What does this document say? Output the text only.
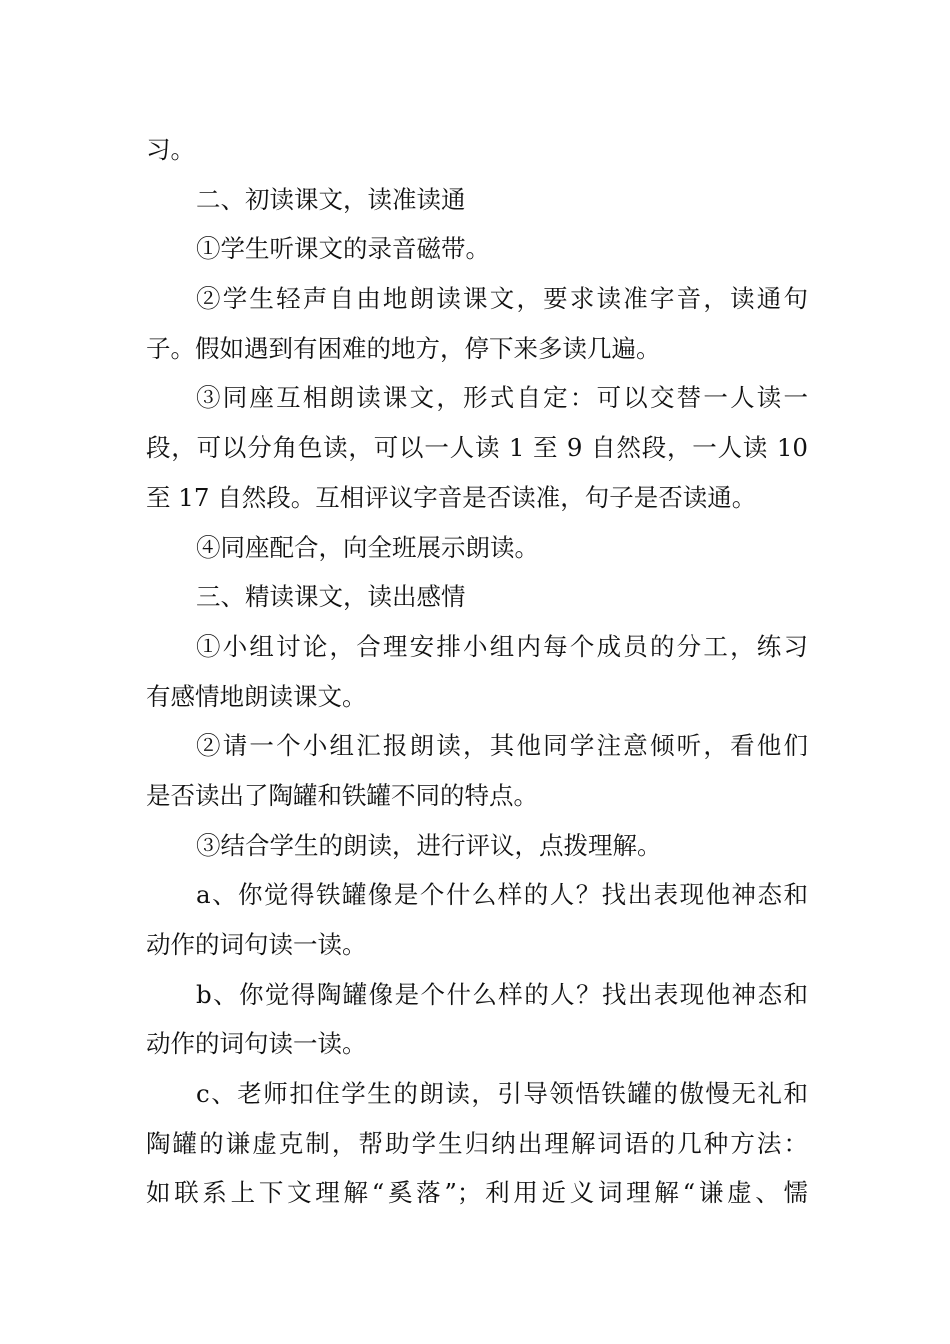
习。
二、初读课文，读准读通
①学生听课文的录音磁带。
②学生轻声自由地朗读课文，要求读准字音，读通句
子。假如遇到有困难的地方，停下来多读几遍。
③同座互相朗读课文，形式自定：可以交替一人读一
段，可以分角色读，可以一人读 1 至 9 自然段，一人读 10
至 17 自然段。互相评议字音是否读准，句子是否读通。
④同座配合，向全班展示朗读。
三、精读课文，读出感情
①小组讨论，合理安排小组内每个成员的分工，练习
有感情地朗读课文。
②请一个小组汇报朗读，其他同学注意倾听，看他们
是否读出了陶罐和铁罐不同的特点。
③结合学生的朗读，进行评议，点拨理解。
a、你觉得铁罐像是个什么样的人？找出表现他神态和
动作的词句读一读。
b、你觉得陶罐像是个什么样的人？找出表现他神态和
动作的词句读一读。
c、老师扣住学生的朗读，引导领悟铁罐的傲慢无礼和
陶罐的谦虚克制，帮助学生归纳出理解词语的几种方法：
如联系上下文理解“奚落”；利用近义词理解“谦虚、懦
